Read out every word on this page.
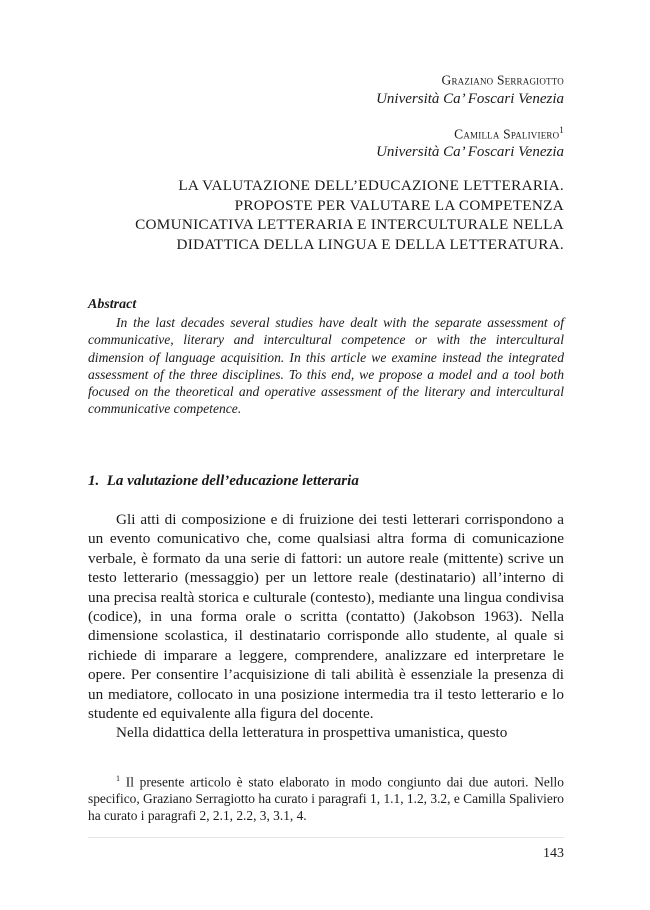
Graziano Serragiotto
Università Ca’ Foscari Venezia
Camilla Spaliviero$^1$
Università Ca’ Foscari Venezia
LA VALUTAZIONE DELL’EDUCAZIONE LETTERARIA.
PROPOSTE PER VALUTARE LA COMPETENZA
COMUNICATIVA LETTERARIA E INTERCULTURALE NELLA
DIDATTICA DELLA LINGUA E DELLA LETTERATURA.
Abstract
In the last decades several studies have dealt with the separate assessment of communicative, literary and intercultural competence or with the intercultural dimension of language acquisition. In this article we examine instead the integrated assessment of the three disciplines. To this end, we propose a model and a tool both focused on the theoretical and operative assessment of the literary and intercultural communicative competence.
1. La valutazione dell’educazione letteraria

Gli atti di composizione e di fruizione dei testi letterari corrispondono a un evento comunicativo che, come qualsiasi altra forma di comunicazione verbale, è formato da una serie di fattori: un autore reale (mittente) scrive un testo letterario (messaggio) per un lettore reale (destinatario) all’interno di una precisa realtà storica e culturale (contesto), mediante una lingua condivisa (codice), in una forma orale o scritta (contatto) (Jakobson 1963). Nella dimensione scolastica, il destinatario corrisponde allo studente, al quale si richiede di imparare a leggere, comprendere, analizzare ed interpretare le opere. Per consentire l’acquisizione di tali abilità è essenziale la presenza di un mediatore, collocato in una posizione intermedia tra il testo letterario e lo studente ed equivalente alla figura del docente.

Nella didattica della letteratura in prospettiva umanistica, questo

$^1$ Il presente articolo è stato elaborato in modo congiunto dai due autori. Nello specifico, Graziano Serragiotto ha curato i paragrafi 1, 1.1, 1.2, 3.2, e Camilla Spaliviero ha curato i paragrafi 2, 2.1, 2.2, 3, 3.1, 4.
143
